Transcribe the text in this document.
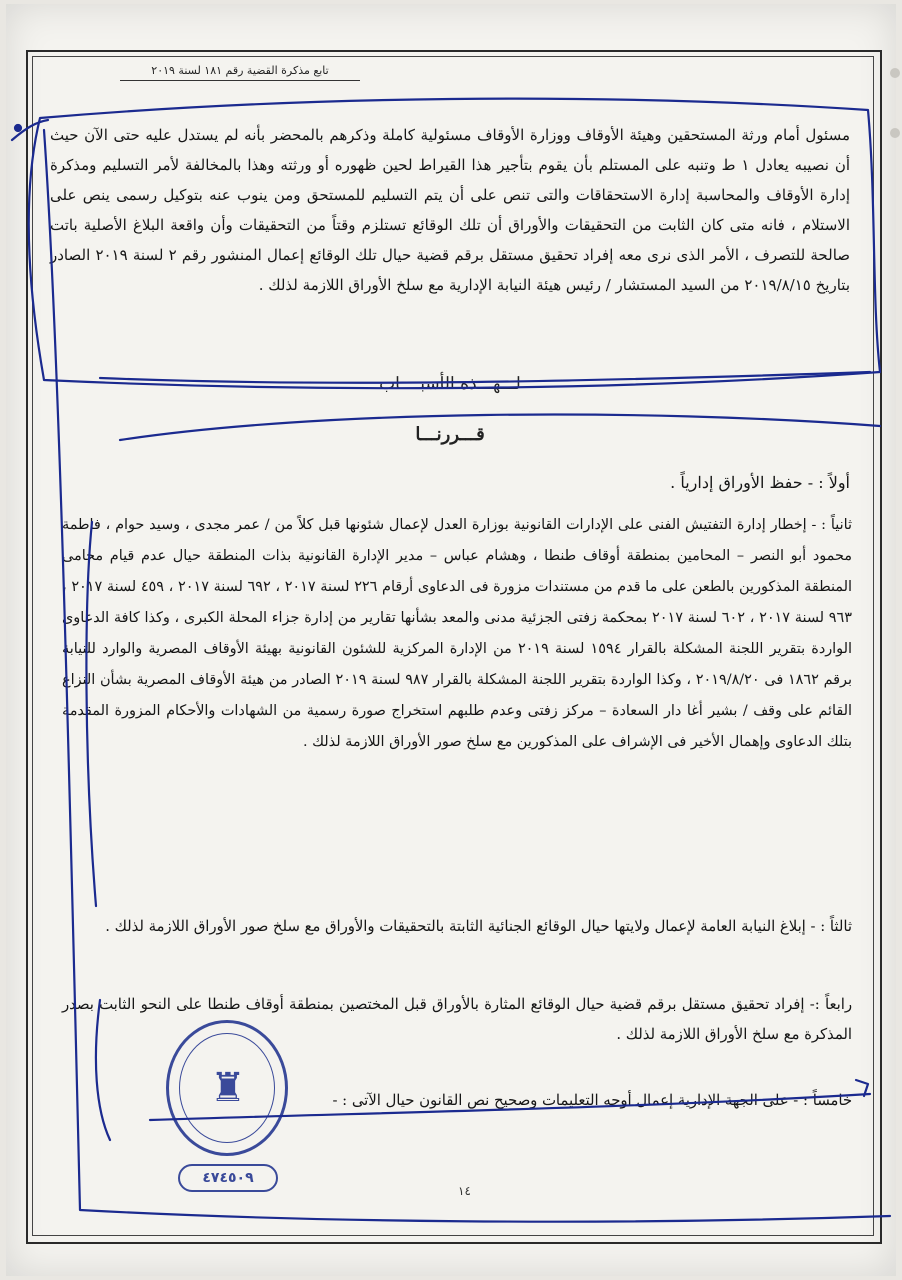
تابع مذكرة القضية رقم ١٨١ لسنة ٢٠١٩
مسئول أمام ورثة المستحقين وهيئة الأوقاف ووزارة الأوقاف مسئولية كاملة وذكرهم بالمحضر بأنه لم يستدل عليه حتى الآن حيث أن نصيبه يعادل ١ ط وتنبه على المستلم بأن يقوم بتأجير هذا القيراط لحين ظهوره أو ورثته وهذا بالمخالفة لأمر التسليم ومذكرة إدارة الأوقاف والمحاسبة إدارة الاستحقاقات والتى تنص على أن يتم التسليم للمستحق ومن ينوب عنه بتوكيل رسمى ينص على الاستلام ، فانه متى كان الثابت من التحقيقات والأوراق أن تلك الوقائع تستلزم وقتاً من التحقيقات وأن واقعة البلاغ الأصلية باتت صالحة للتصرف ، الأمر الذى نرى معه إفراد تحقيق مستقل برقم قضية حيال تلك الوقائع إعمال المنشور رقم ٢ لسنة ٢٠١٩ الصادر بتاريخ ٢٠١٩/٨/١٥ من السيد المستشار / رئيس هيئة النيابة الإدارية مع سلخ الأوراق اللازمة لذلك .
لـــهـــذه الأسبــــاب
قـــررنـــا
أولاً : - حفظ الأوراق إدارياً .
ثانياً : - إخطار إدارة التفتيش الفنى على الإدارات القانونية بوزارة العدل لإعمال شئونها قبل كلاً من / عمر مجدى ، وسيد حوام ، فاطمة محمود أبو النصر – المحامين بمنطقة أوقاف طنطا ، وهشام عباس – مدير الإدارة القانونية بذات المنطقة حيال عدم قيام محامى المنطقة المذكورين بالطعن على ما قدم من مستندات مزورة فى الدعاوى أرقام ٢٢٦ لسنة ٢٠١٧ ، ٦٩٢ لسنة ٢٠١٧ ، ٤٥٩ لسنة ٢٠١٧ ، ٩٦٣ لسنة ٢٠١٧ ، ٦٠٢ لسنة ٢٠١٧ بمحكمة زفتى الجزئية مدنى والمعد بشأنها تقارير من إدارة جزاء المحلة الكبرى ، وكذا كافة الدعاوى الواردة بتقرير اللجنة المشكلة بالقرار ١٥٩٤ لسنة ٢٠١٩ من الإدارة المركزية للشئون القانونية بهيئة الأوقاف المصرية والوارد للنيابة برقم ١٨٦٢ فى ٢٠١٩/٨/٢٠ ، وكذا الواردة بتقرير اللجنة المشكلة بالقرار ٩٨٧ لسنة ٢٠١٩ الصادر من هيئة الأوقاف المصرية بشأن النزاع القائم على وقف / بشير أغا دار السعادة – مركز زفتى وعدم طلبهم استخراج صورة رسمية من الشهادات والأحكام المزورة المقدمة بتلك الدعاوى وإهمال الأخير فى الإشراف على المذكورين مع سلخ صور الأوراق اللازمة لذلك .
ثالثاً : - إبلاغ النيابة العامة لإعمال ولايتها حيال الوقائع الجنائية الثابتة بالتحقيقات والأوراق مع سلخ صور الأوراق اللازمة لذلك .
رابعاً :- إفراد تحقيق مستقل برقم قضية حيال الوقائع المثارة بالأوراق قبل المختصين بمنطقة أوقاف طنطا على النحو الثابت بصدر المذكرة مع سلخ الأوراق اللازمة لذلك .
خامساً : - على الجهة الإدارية إعمال أوجه التعليمات وصحيح نص القانون حيال الآتى : -
♜
٤٧٤٥٠٩
١٤
